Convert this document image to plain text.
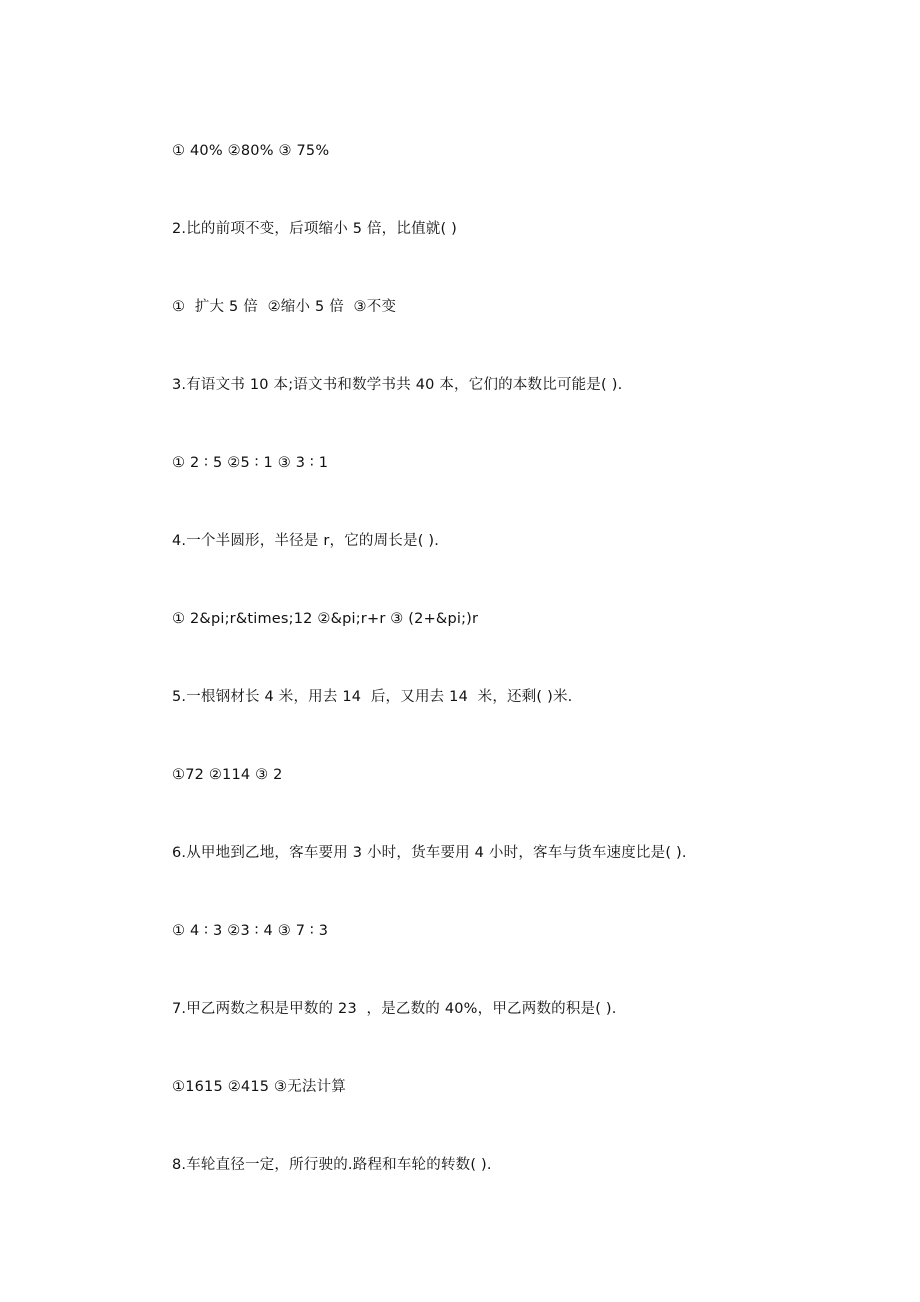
① 40% ②80% ③ 75%

2.比的前项不变，后项缩小 5 倍，比值就( )

①  扩大 5 倍  ②缩小 5 倍  ③不变

3.有语文书 10 本;语文书和数学书共 40 本，它们的本数比可能是( ).

① 2 ∶ 5 ②5 ∶ 1 ③ 3 ∶ 1

4.一个半圆形，半径是 r，它的周长是( ).

① 2&pi;r&times;12 ②&pi;r+r ③ (2+&pi;)r

5.一根钢材长 4 米，用去 14  后，又用去 14  米，还剩( )米.

①72 ②114 ③ 2

6.从甲地到乙地，客车要用 3 小时，货车要用 4 小时，客车与货车速度比是( ).

① 4 ∶ 3 ②3 ∶ 4 ③ 7 ∶ 3

7.甲乙两数之积是甲数的 23  ，是乙数的 40%，甲乙两数的积是( ).

①1615 ②415 ③无法计算

8.车轮直径一定，所行驶的.路程和车轮的转数( ).
